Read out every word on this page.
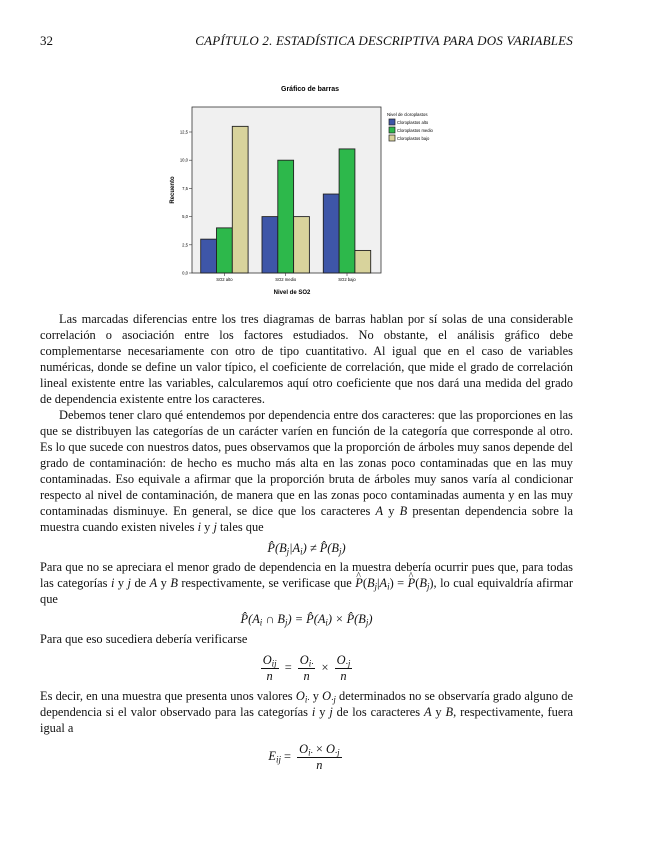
32	CAPÍTULO 2. ESTADÍSTICA DESCRIPTIVA PARA DOS VARIABLES
Gráfico de barras
0,0
2,5
5,0
7,5
10,0
12,5
SO2 alto	SO2 medio	SO2 bajo
Nivel de SO2
Recuento
Nivel de cloroplastos
Cloroplastos alto
Cloroplastos medio
Cloroplastos bajo

Las marcadas diferencias entre los tres diagramas de barras hablan por sí solas de una considerable correlación o asociación entre los factores estudiados. No obstante, el análisis gráfico debe complementarse necesariamente con otro de tipo cuantitativo. Al igual que en el caso de variables numéricas, donde se define un valor típico, el coeficiente de correlación, que mide el grado de correlación lineal existente entre las variables, calcularemos aquí otro coeficiente que nos dará una medida del grado de dependencia existente entre los caracteres.

Debemos tener claro qué entendemos por dependencia entre dos caracteres: que las proporciones en las que se distribuyen las categorías de un carácter varíen en función de la categoría que corresponde al otro. Es lo que sucede con nuestros datos, pues observamos que la proporción de árboles muy sanos depende del grado de contaminación: de hecho es mucho más alta en las zonas poco contaminadas que en las muy contaminadas. Eso equivale a afirmar que la proporción bruta de árboles muy sanos varía al condicionar respecto al nivel de contaminación, de manera que en las zonas poco contaminadas aumenta y en las muy contaminadas disminuye. En general, se dice que los caracteres A y B presentan dependencia sobre la muestra cuando existen niveles i y j tales que

$P̂(B_j|A_i)$ ≠ $P̂(B_j)$

Para que no se apreciara el menor grado de dependencia en la muestra debería ocurrir pues que, para todas las categorías i y j de A y B respectivamente, se verificase que ^ $P(B_j|A_i)$ = ^ $P(B_j)$, lo cual equivaldría afirmar que

$P̂(A_i$ ∩ $B_j$) = $P̂(A_i)$ × $P̂(B_j)$

Para que eso sucediera debería verificarse

$\frac{O_{ij}}{n} = \frac{O_{i\cdot}}{n} \times \frac{O_{\cdot j}}{n}$

Es decir, en una muestra que presenta unos valores $O_{i\cdot}$ y $O_{\cdot j}$ determinados no se observaría grado alguno de dependencia si el valor observado para las categorías i y j de los caracteres A y B, respectivamente, fuera igual a

$E_{ij} = \frac{O_{i\cdot} \times O_{\cdot j}}{n}$
